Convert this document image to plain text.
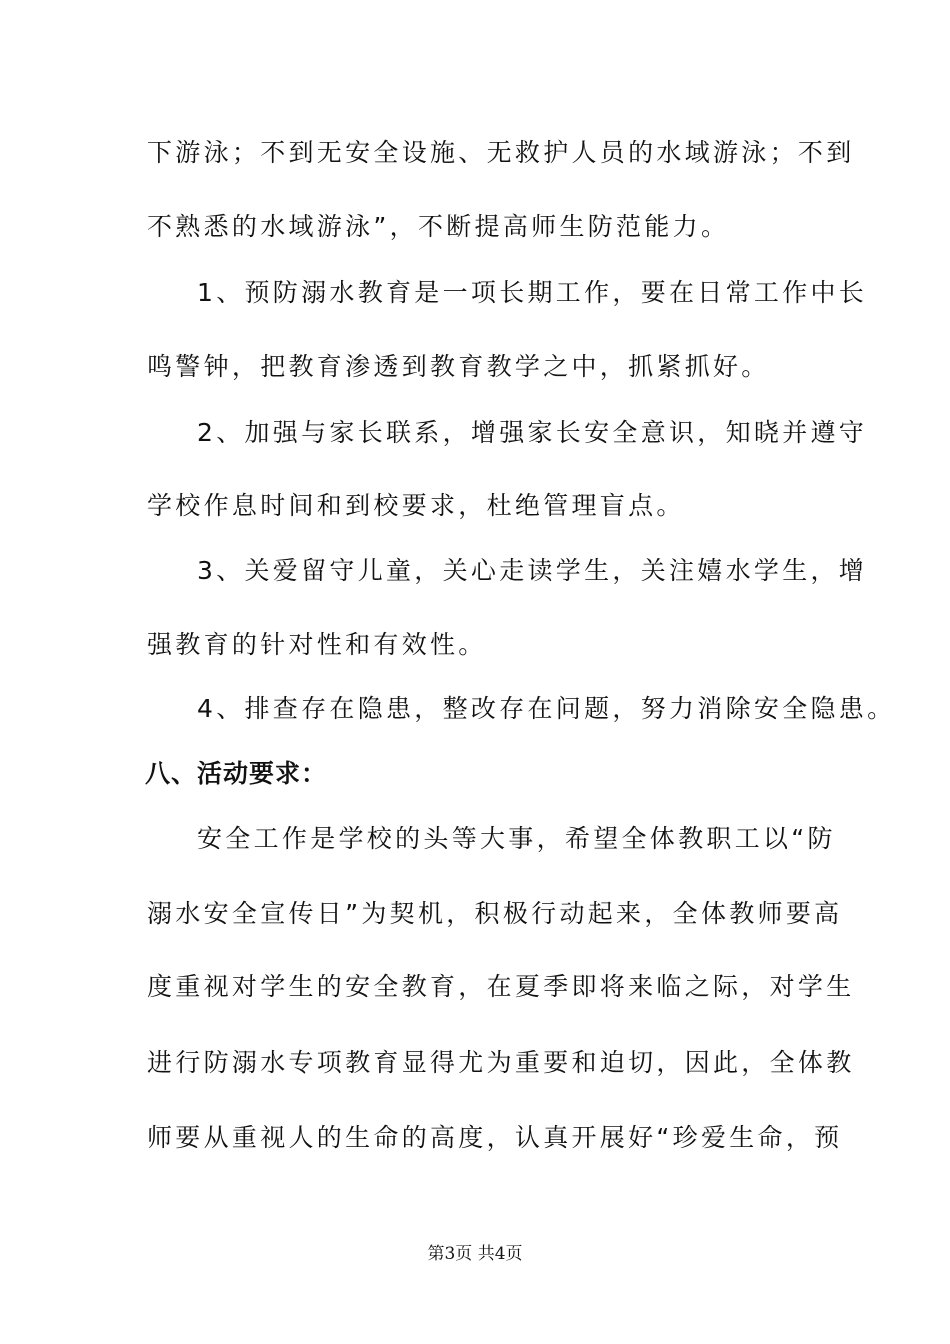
下游泳；不到无安全设施、无救护人员的水域游泳；不到
不熟悉的水域游泳”，不断提高师生防范能力。
1、预防溺水教育是一项长期工作，要在日常工作中长
鸣警钟，把教育渗透到教育教学之中，抓紧抓好。
2、加强与家长联系，增强家长安全意识，知晓并遵守
学校作息时间和到校要求，杜绝管理盲点。
3、关爱留守儿童，关心走读学生，关注嬉水学生，增
强教育的针对性和有效性。
4、排查存在隐患，整改存在问题，努力消除安全隐患。
八、活动要求：
安全工作是学校的头等大事，希望全体教职工以“防
溺水安全宣传日”为契机，积极行动起来，全体教师要高
度重视对学生的安全教育，在夏季即将来临之际，对学生
进行防溺水专项教育显得尤为重要和迫切，因此，全体教
师要从重视人的生命的高度，认真开展好“珍爱生命，预
第3页 共4页
